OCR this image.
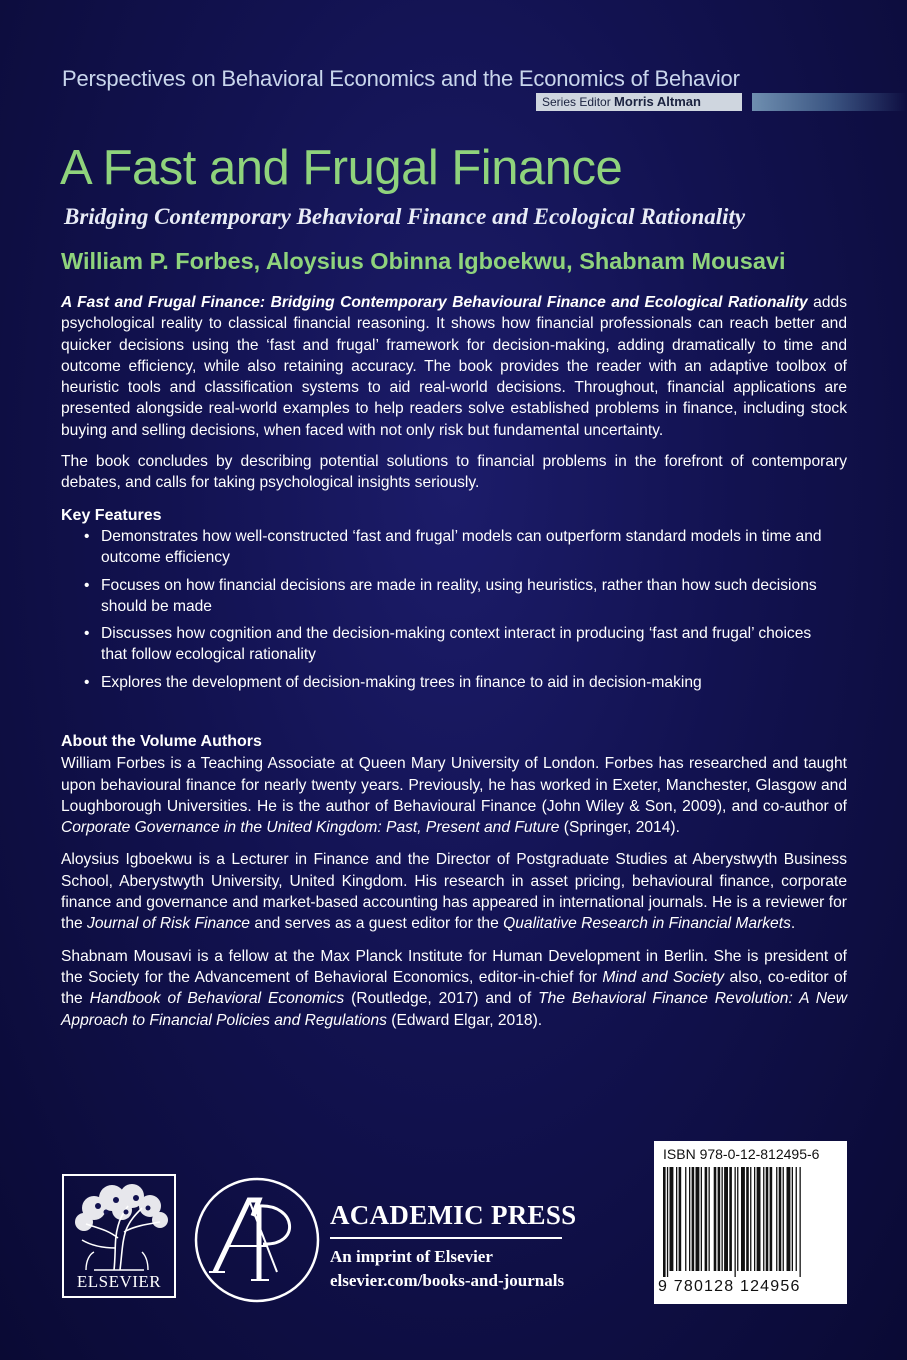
Perspectives on Behavioral Economics and the Economics of Behavior
Series Editor Morris Altman
A Fast and Frugal Finance
Bridging Contemporary Behavioral Finance and Ecological Rationality
William P. Forbes, Aloysius Obinna Igboekwu, Shabnam Mousavi

A Fast and Frugal Finance: Bridging Contemporary Behavioural Finance and Ecological Rationality adds psychological reality to classical financial reasoning. It shows how financial professionals can reach better and quicker decisions using the ‘fast and frugal’ framework for decision-making, adding dramatically to time and outcome efficiency, while also retaining accuracy. The book provides the reader with an adaptive toolbox of heuristic tools and classification systems to aid real-world decisions. Throughout, financial applications are presented alongside real-world examples to help readers solve established problems in finance, including stock buying and selling decisions, when faced with not only risk but fundamental uncertainty.

The book concludes by describing potential solutions to financial problems in the forefront of contemporary debates, and calls for taking psychological insights seriously.

Key Features

• Demonstrates how well-constructed ‘fast and frugal’ models can outperform standard models in time and outcome efficiency
• Focuses on how financial decisions are made in reality, using heuristics, rather than how such decisions should be made
• Discusses how cognition and the decision-making context interact in producing ‘fast and frugal’ choices that follow ecological rationality
• Explores the development of decision-making trees in finance to aid in decision-making

About the Volume Authors

William Forbes is a Teaching Associate at Queen Mary University of London. Forbes has researched and taught upon behavioural finance for nearly twenty years. Previously, he has worked in Exeter, Manchester, Glasgow and Loughborough Universities. He is the author of Behavioural Finance (John Wiley & Son, 2009), and co-author of Corporate Governance in the United Kingdom: Past, Present and Future (Springer, 2014).

Aloysius Igboekwu is a Lecturer in Finance and the Director of Postgraduate Studies at Aberystwyth Business School, Aberystwyth University, United Kingdom. His research in asset pricing, behavioural finance, corporate finance and governance and market-based accounting has appeared in international journals. He is a reviewer for the Journal of Risk Finance and serves as a guest editor for the Qualitative Research in Financial Markets.

Shabnam Mousavi is a fellow at the Max Planck Institute for Human Development in Berlin. She is president of the Society for the Advancement of Behavioral Economics, editor-in-chief for Mind and Society also, co-editor of the Handbook of Behavioral Economics (Routledge, 2017) and of The Behavioral Finance Revolution: A New Approach to Financial Policies and Regulations (Edward Elgar, 2018).

ELSEVIER
ACADEMIC PRESS

An imprint of Elsevier

elsevier.com/books-and-journals

ISBN 978-0-12-812495-6
9 780128 124956
